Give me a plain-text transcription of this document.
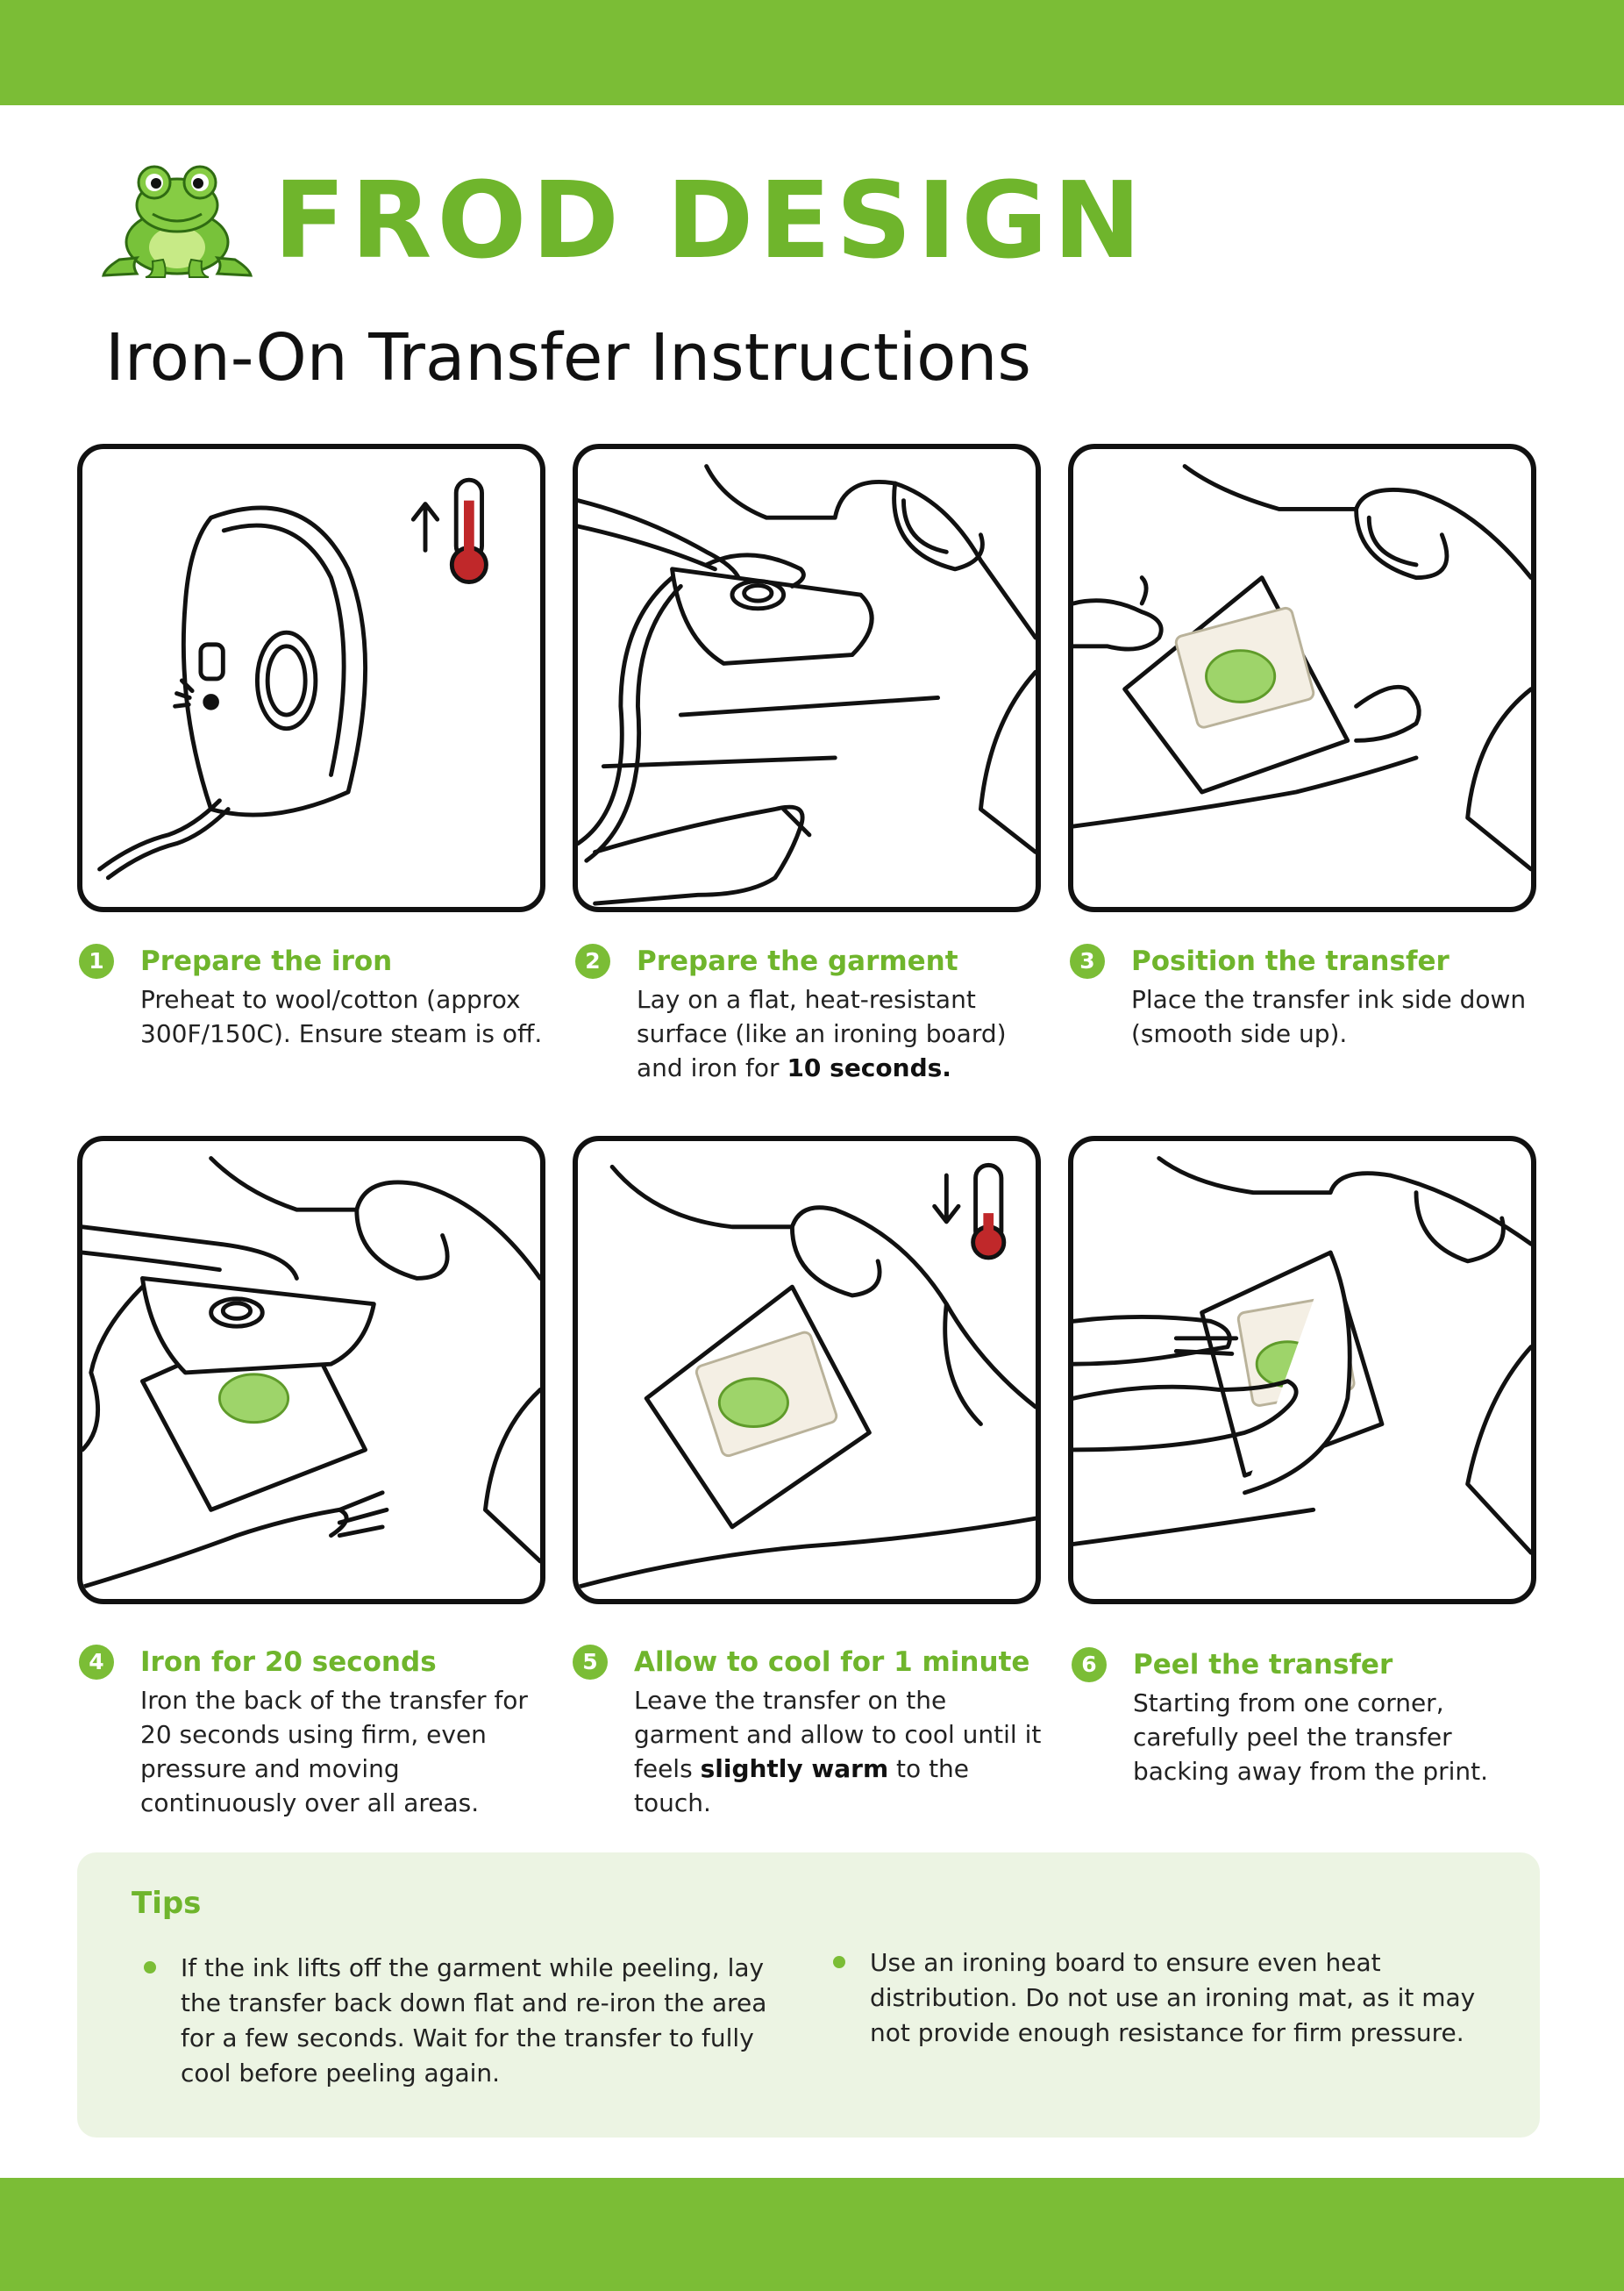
FROD DESIGN
Iron-On Transfer Instructions
1	Prepare the iron
Preheat to wool/cotton (approx 300F/150C). Ensure steam is off.
2	Prepare the garment
Lay on a flat, heat-resistant surface (like an ironing board) and iron for 10 seconds.
3	Position the transfer
Place the transfer ink side down (smooth side up).
4	Iron for 20 seconds
Iron the back of the transfer for 20 seconds using firm, even pressure and moving continuously over all areas.
5	Allow to cool for 1 minute
Leave the transfer on the garment and allow to cool until it feels slightly warm to the touch.
6	Peel the transfer
Starting from one corner, carefully peel the transfer backing away from the print.
Tips
If the ink lifts off the garment while peeling, lay the transfer back down flat and re-iron the area for a few seconds. Wait for the transfer to fully cool before peeling again.
Use an ironing board to ensure even heat distribution. Do not use an ironing mat, as it may not provide enough resistance for firm pressure.
